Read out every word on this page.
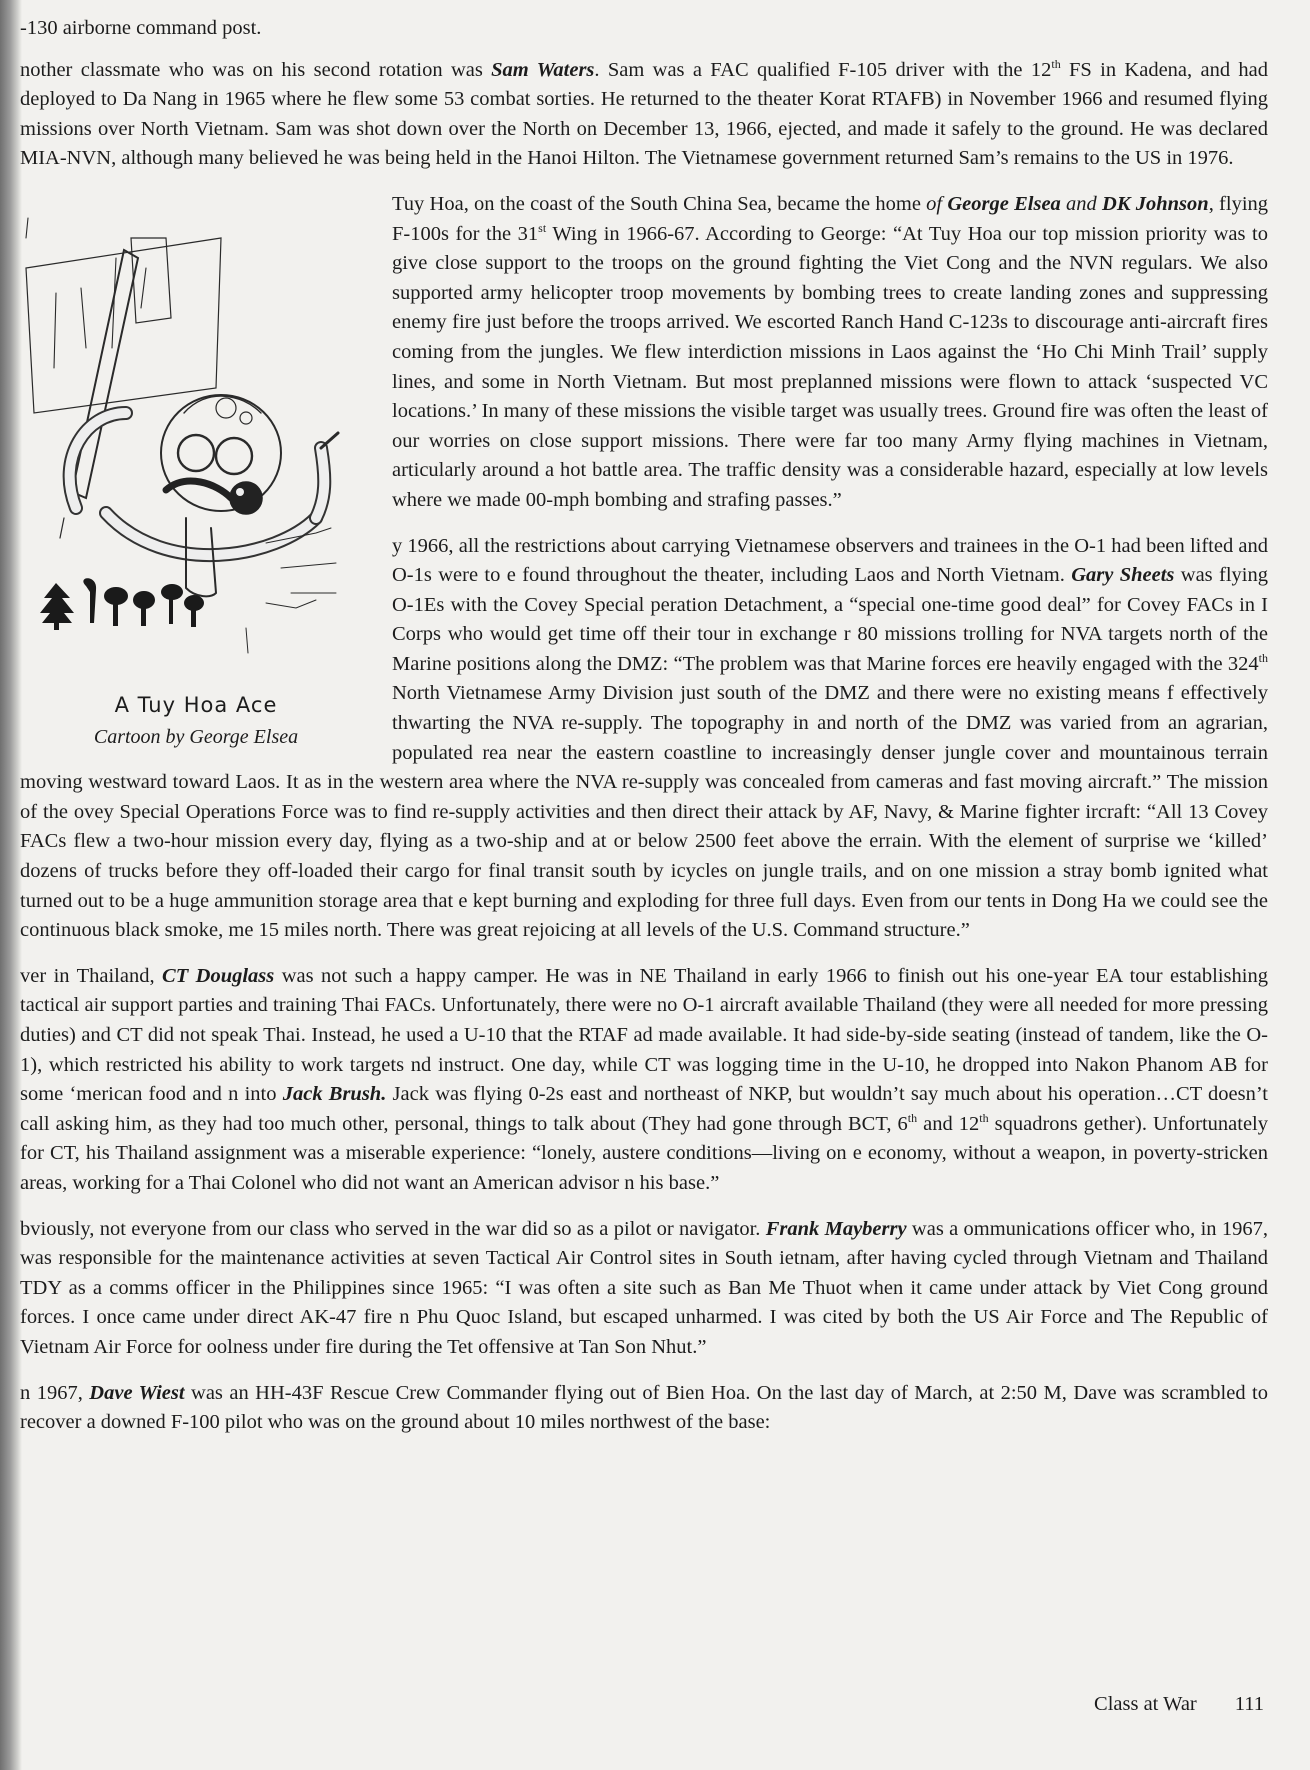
-130 airborne command post.

nother classmate who was on his second rotation was Sam Waters. Sam was a FAC qualified F-105 driver with the 12th FS in Kadena, and had deployed to Da Nang in 1965 where he flew some 53 combat sorties. He returned to the theater Korat RTAFB) in November 1966 and resumed flying missions over North Vietnam. Sam was shot down over the North on December 13, 1966, ejected, and made it safely to the ground. He was declared MIA-NVN, although many believed he was being held in the Hanoi Hilton. The Vietnamese government returned Sam’s remains to the US in 1976.

A Tuy Hoa Ace
Cartoon by George Elsea

Tuy Hoa, on the coast of the South China Sea, became the home of George Elsea and DK Johnson, flying F-100s for the 31st Wing in 1966-67. According to George: “At Tuy Hoa our top mission priority was to give close support to the troops on the ground fighting the Viet Cong and the NVN regulars. We also supported army helicopter troop movements by bombing trees to create landing zones and suppressing enemy fire just before the troops arrived. We escorted Ranch Hand C-123s to discourage anti-aircraft fires coming from the jungles. We flew interdiction missions in Laos against the ‘Ho Chi Minh Trail’ supply lines, and some in North Vietnam. But most preplanned missions were flown to attack ‘suspected VC locations.’ In many of these missions the visible target was usually trees. Ground fire was often the least of our worries on close support missions. There were far too many Army flying machines in Vietnam, articularly around a hot battle area. The traffic density was a considerable hazard, especially at low levels where we made 00-mph bombing and strafing passes.”

y 1966, all the restrictions about carrying Vietnamese observers and trainees in the O-1 had been lifted and O-1s were to e found throughout the theater, including Laos and North Vietnam. Gary Sheets was flying O-1Es with the Covey Special peration Detachment, a “special one-time good deal” for Covey FACs in I Corps who would get time off their tour in exchange r 80 missions trolling for NVA targets north of the Marine positions along the DMZ: “The problem was that Marine forces ere heavily engaged with the 324th North Vietnamese Army Division just south of the DMZ and there were no existing means f effectively thwarting the NVA re-supply. The topography in and north of the DMZ was varied from an agrarian, populated rea near the eastern coastline to increasingly denser jungle cover and mountainous terrain moving westward toward Laos. It as in the western area where the NVA re-supply was concealed from cameras and fast moving aircraft.” The mission of the ovey Special Operations Force was to find re-supply activities and then direct their attack by AF, Navy, & Marine fighter ircraft: “All 13 Covey FACs flew a two-hour mission every day, flying as a two-ship and at or below 2500 feet above the errain. With the element of surprise we ‘killed’ dozens of trucks before they off-loaded their cargo for final transit south by icycles on jungle trails, and on one mission a stray bomb ignited what turned out to be a huge ammunition storage area that e kept burning and exploding for three full days. Even from our tents in Dong Ha we could see the continuous black smoke, me 15 miles north. There was great rejoicing at all levels of the U.S. Command structure.”

ver in Thailand, CT Douglass was not such a happy camper. He was in NE Thailand in early 1966 to finish out his one-year EA tour establishing tactical air support parties and training Thai FACs. Unfortunately, there were no O-1 aircraft available Thailand (they were all needed for more pressing duties) and CT did not speak Thai. Instead, he used a U-10 that the RTAF ad made available. It had side-by-side seating (instead of tandem, like the O-1), which restricted his ability to work targets nd instruct. One day, while CT was logging time in the U-10, he dropped into Nakon Phanom AB for some ‘merican food and n into Jack Brush. Jack was flying 0-2s east and northeast of NKP, but wouldn’t say much about his operation…CT doesn’t call asking him, as they had too much other, personal, things to talk about (They had gone through BCT, 6th and 12th squadrons gether). Unfortunately for CT, his Thailand assignment was a miserable experience: “lonely, austere conditions—living on e economy, without a weapon, in poverty-stricken areas, working for a Thai Colonel who did not want an American advisor n his base.”

bviously, not everyone from our class who served in the war did so as a pilot or navigator. Frank Mayberry was a ommunications officer who, in 1967, was responsible for the maintenance activities at seven Tactical Air Control sites in South ietnam, after having cycled through Vietnam and Thailand TDY as a comms officer in the Philippines since 1965: “I was often a site such as Ban Me Thuot when it came under attack by Viet Cong ground forces. I once came under direct AK-47 fire n Phu Quoc Island, but escaped unharmed. I was cited by both the US Air Force and The Republic of Vietnam Air Force for oolness under fire during the Tet offensive at Tan Son Nhut.”

n 1967, Dave Wiest was an HH-43F Rescue Crew Commander flying out of Bien Hoa. On the last day of March, at 2:50 M, Dave was scrambled to recover a downed F-100 pilot who was on the ground about 10 miles northwest of the base:

Class at War 111
